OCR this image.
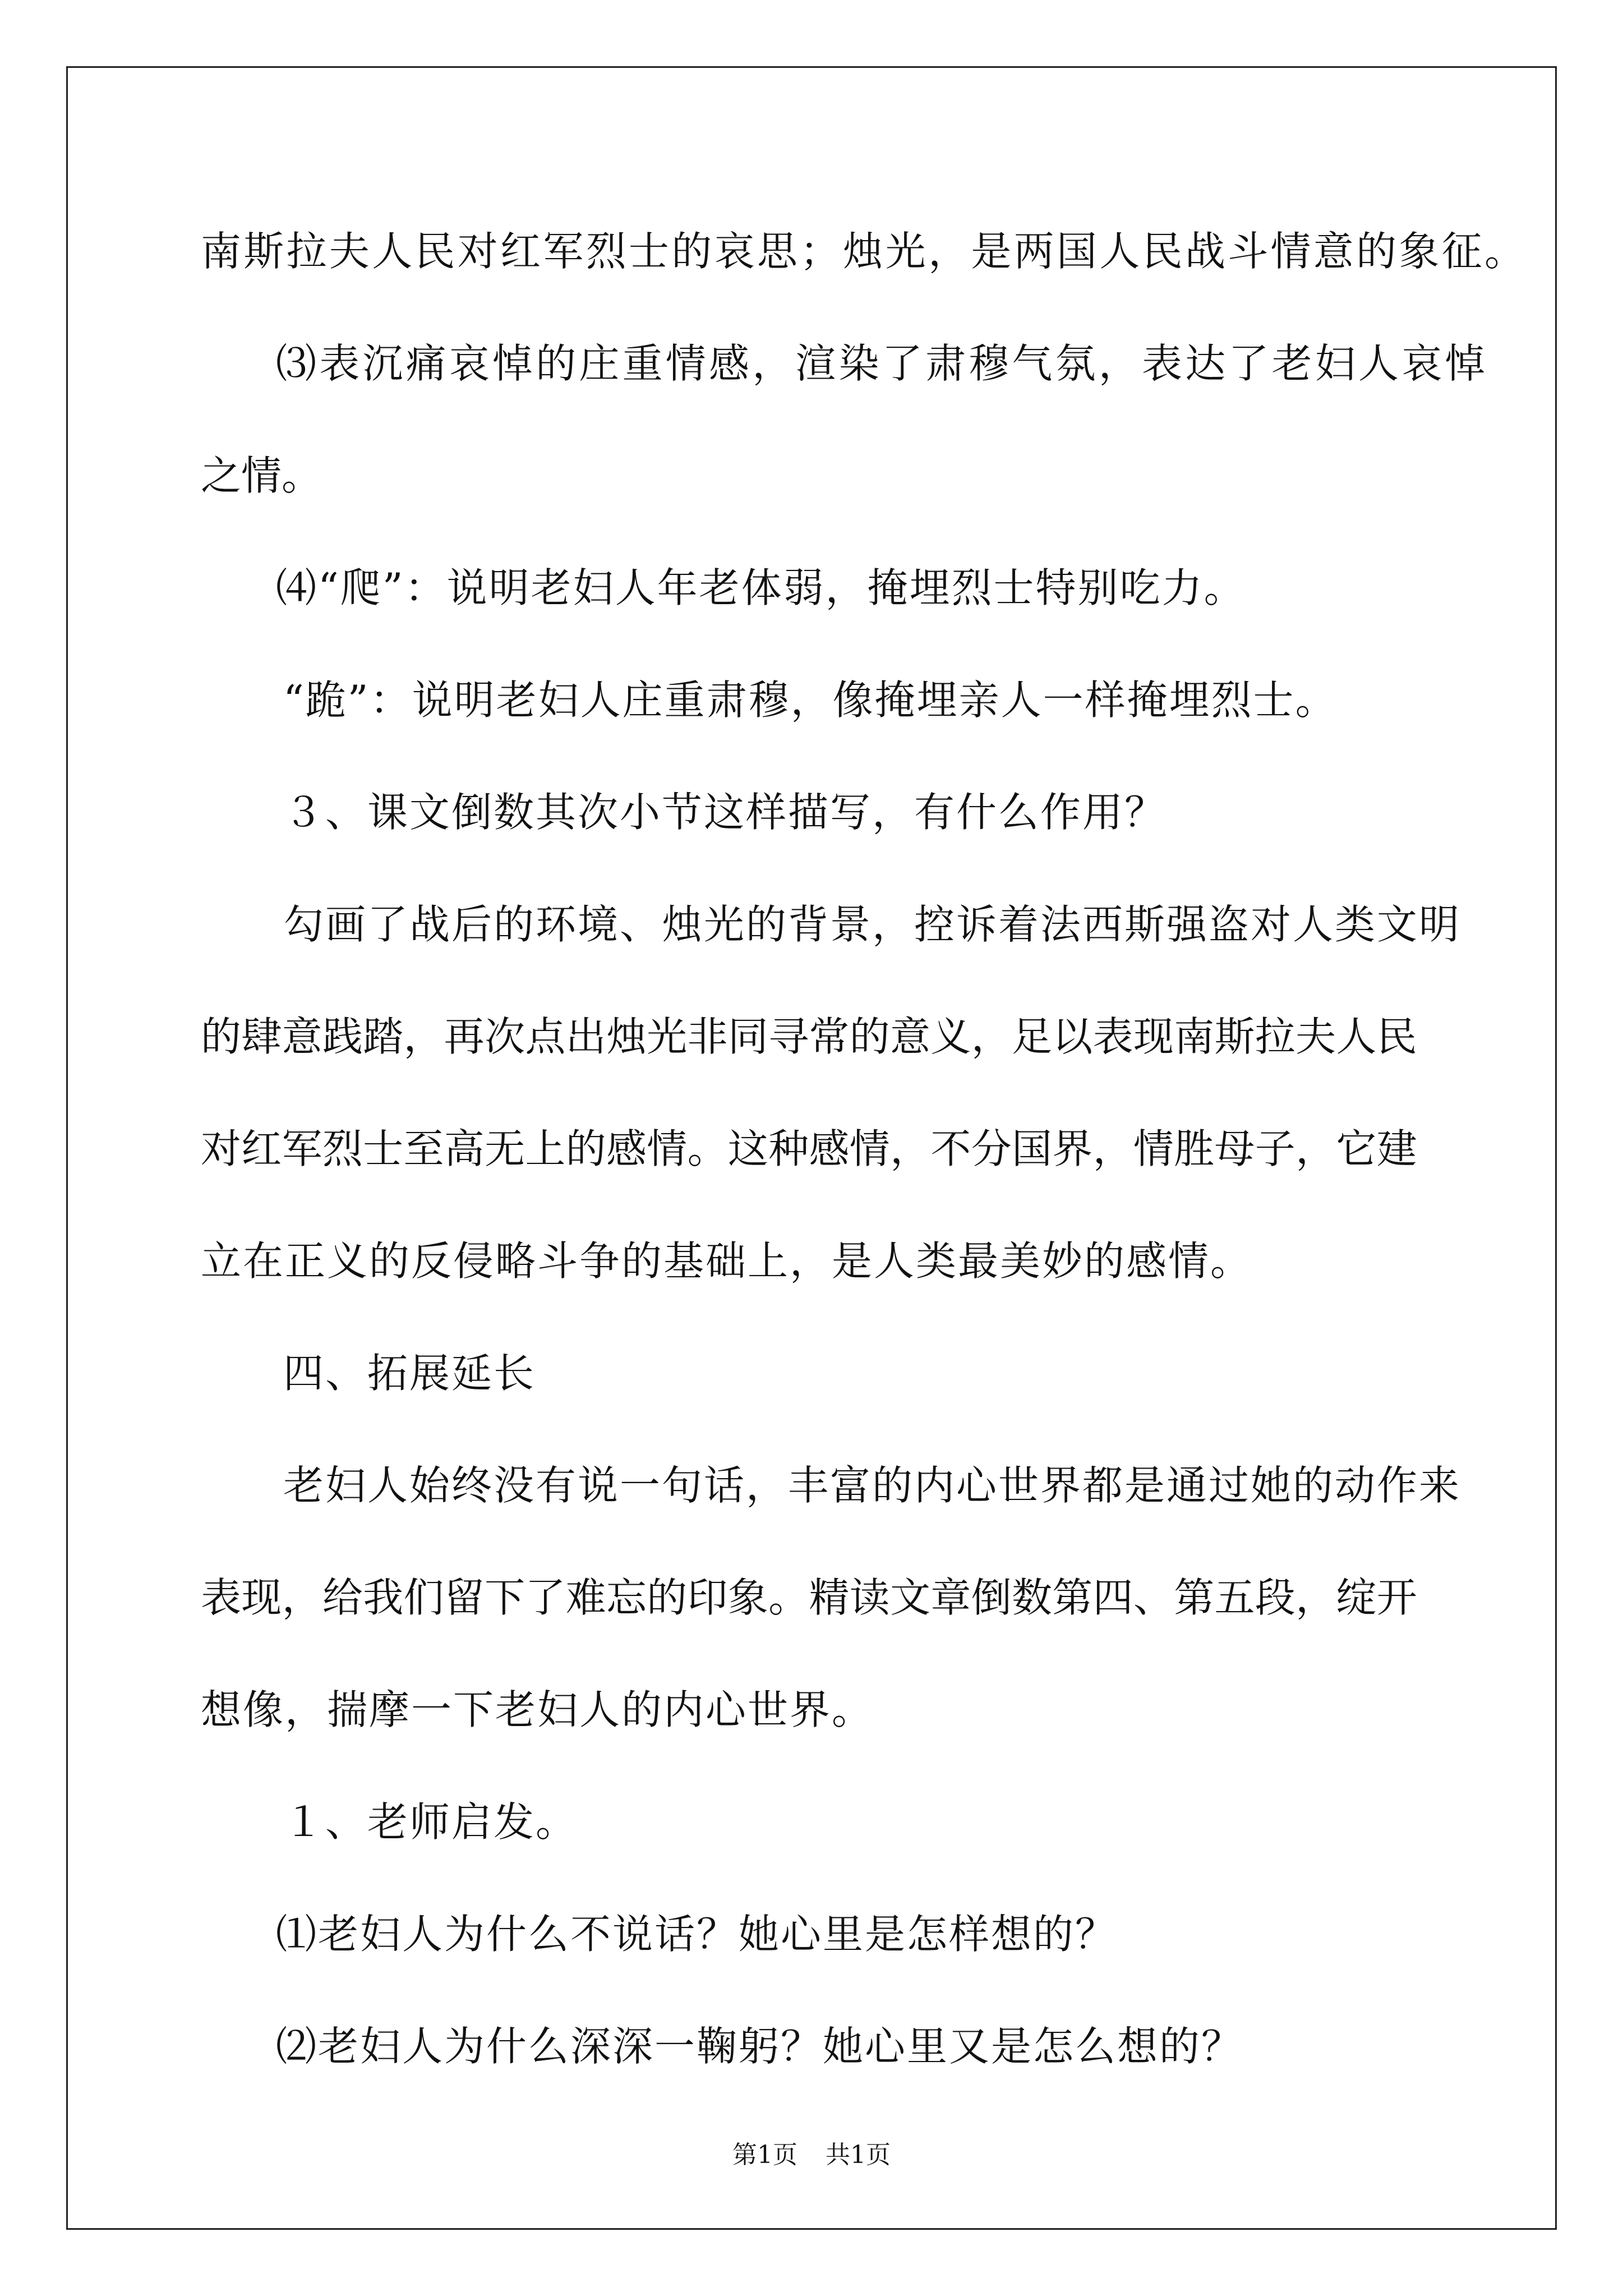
南斯拉夫人民对红军烈士的哀思；烛光，是两国人民战斗情意的象征。
⑶表沉痛哀悼的庄重情感，渲染了肃穆气氛，表达了老妇人哀悼
之情。
⑷“爬”：说明老妇人年老体弱，掩埋烈士特别吃力。
“跪”：说明老妇人庄重肃穆，像掩埋亲人一样掩埋烈士。
３、课文倒数其次小节这样描写，有什么作用？
勾画了战后的环境、烛光的背景，控诉着法西斯强盗对人类文明
的肆意践踏，再次点出烛光非同寻常的意义，足以表现南斯拉夫人民
对红军烈士至高无上的感情。这种感情，不分国界，情胜母子，它建
立在正义的反侵略斗争的基础上，是人类最美妙的感情。
四、拓展延长
老妇人始终没有说一句话，丰富的内心世界都是通过她的动作来
表现，给我们留下了难忘的印象。精读文章倒数第四、第五段，绽开
想像，揣摩一下老妇人的内心世界。
１、老师启发。
⑴老妇人为什么不说话？她心里是怎样想的？
⑵老妇人为什么深深一鞠躬？她心里又是怎么想的？
第1页 共1页
